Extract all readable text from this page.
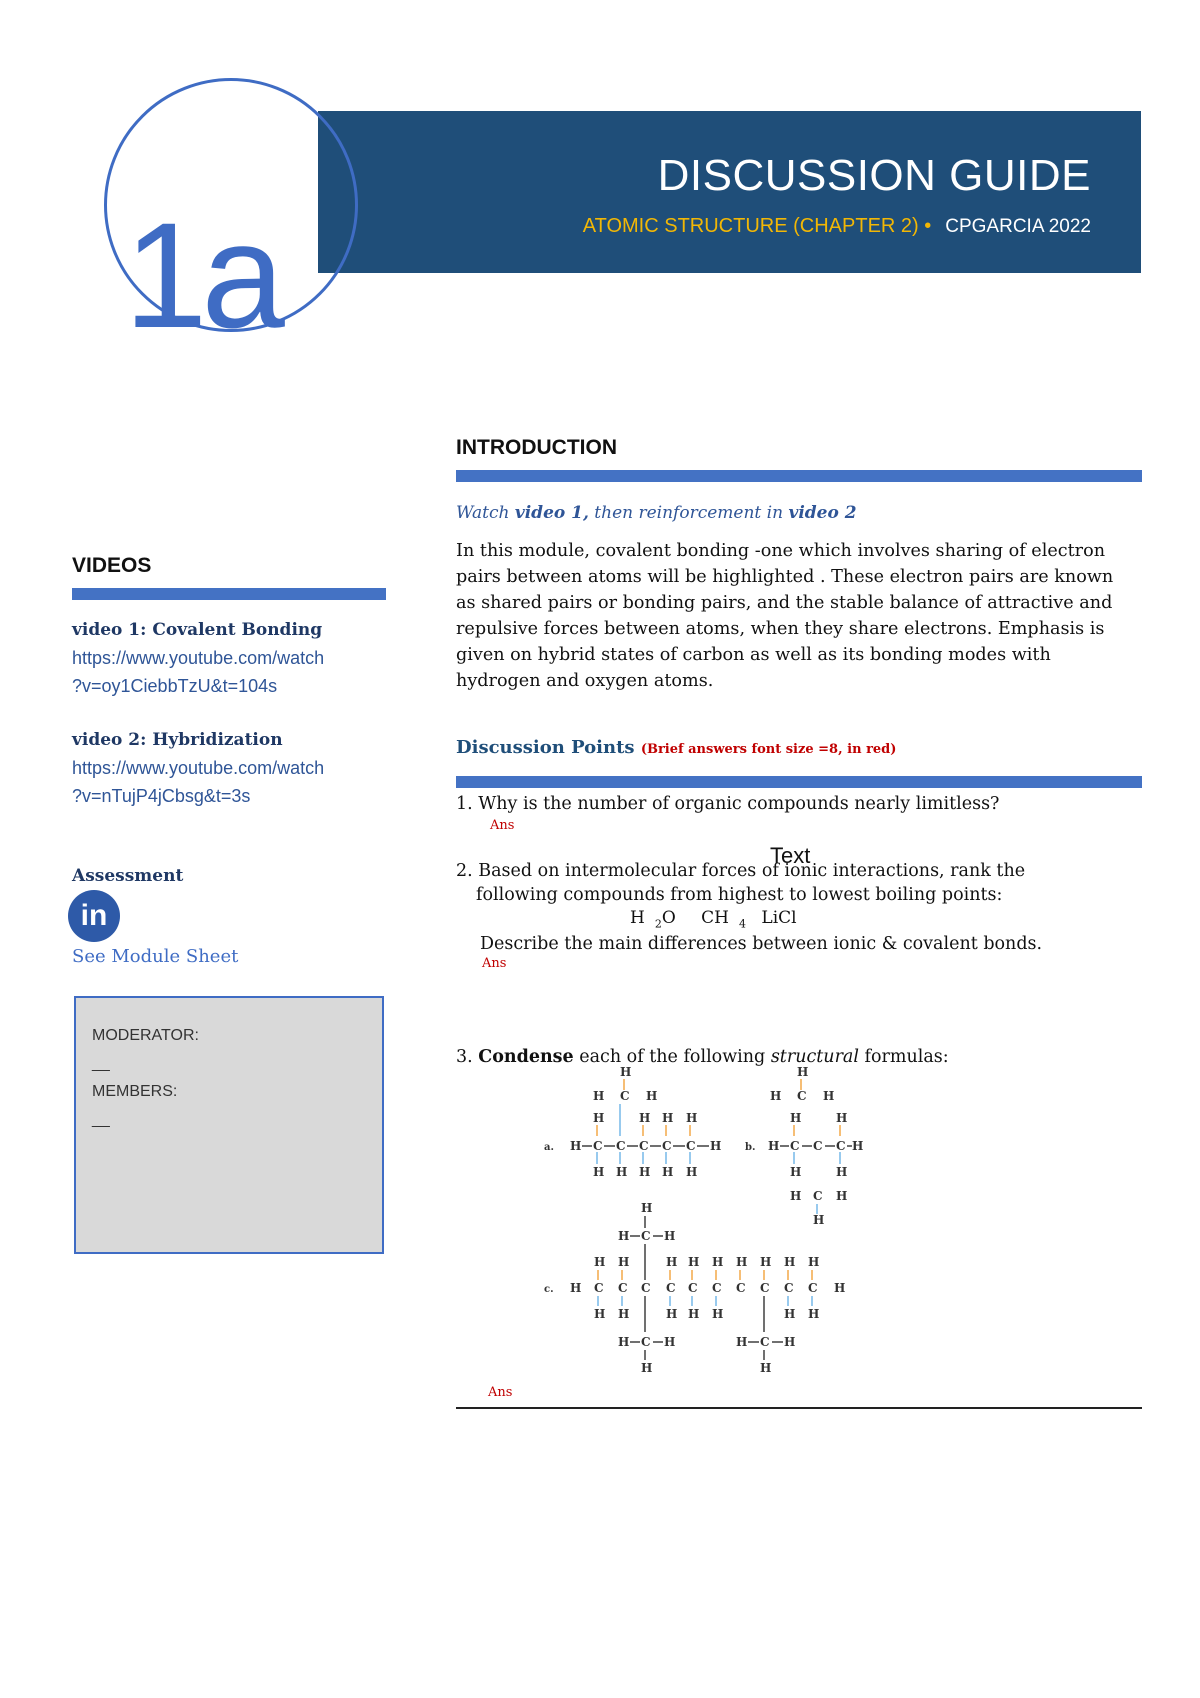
DISCUSSION GUIDE
ATOMIC STRUCTURE (CHAPTER 2) • CPGARCIA 2022
1a
VIDEOS
video 1: Covalent Bonding
https://www.youtube.com/watch
?v=oy1CiebbTzU&t=104s
video 2: Hybridization
https://www.youtube.com/watch
?v=nTujP4jCbsg&t=3s
Assessment
in
See Module Sheet
MODERATOR:
__
MEMBERS:
__
INTRODUCTION
Watch video 1, then reinforcement in video 2
In this module, covalent bonding -one which involves sharing of electron pairs between atoms will be highlighted . These electron pairs are known as shared pairs or bonding pairs, and the stable balance of attractive and repulsive forces between atoms, when they share electrons. Emphasis is given on hybrid states of carbon as well as its bonding modes with hydrogen and oxygen atoms.
Discussion Points (Brief answers font size =8, in red)
1. Why is the number of organic compounds nearly limitless?
Ans
2. Based on intermolecular forces of ionic interactions, rank the
following compounds from highest to lowest boiling points:
H $_2$O CH $_4$ LiCl
Describe the main differences between ionic & covalent bonds.
Ans
Text
3. Condense each of the following structural formulas:
H
H C H
H	H H H
a. H C C C C C H
H H H H H
H
H C H
H	H
b. H C C C H
H	H
H C H
H
H
H C H
H H	H H H H H H H
c. H C C C C C C C C C C H
H H	H H H	H H
H C H	H C H
H	H
Ans
